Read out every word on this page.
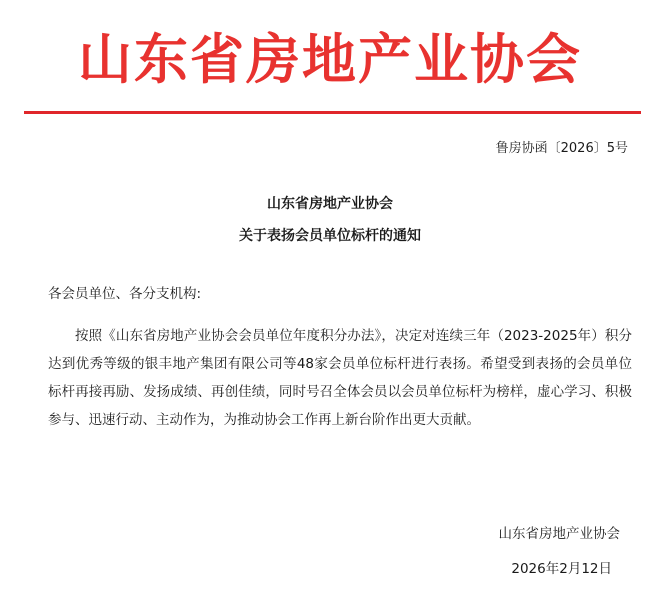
山东省房地产业协会
鲁房协函〔2026〕5号
山东省房地产业协会
关于表扬会员单位标杆的通知
各会员单位、各分支机构:
按照《山东省房地产业协会会员单位年度积分办法》，决定对连续三年（2023-2025年）积分达到优秀等级的银丰地产集团有限公司等48家会员单位标杆进行表扬。希望受到表扬的会员单位标杆再接再励、发扬成绩、再创佳绩，同时号召全体会员以会员单位标杆为榜样，虚心学习、积极参与、迅速行动、主动作为，为推动协会工作再上新台阶作出更大贡献。
山东省房地产业协会
2026年2月12日
